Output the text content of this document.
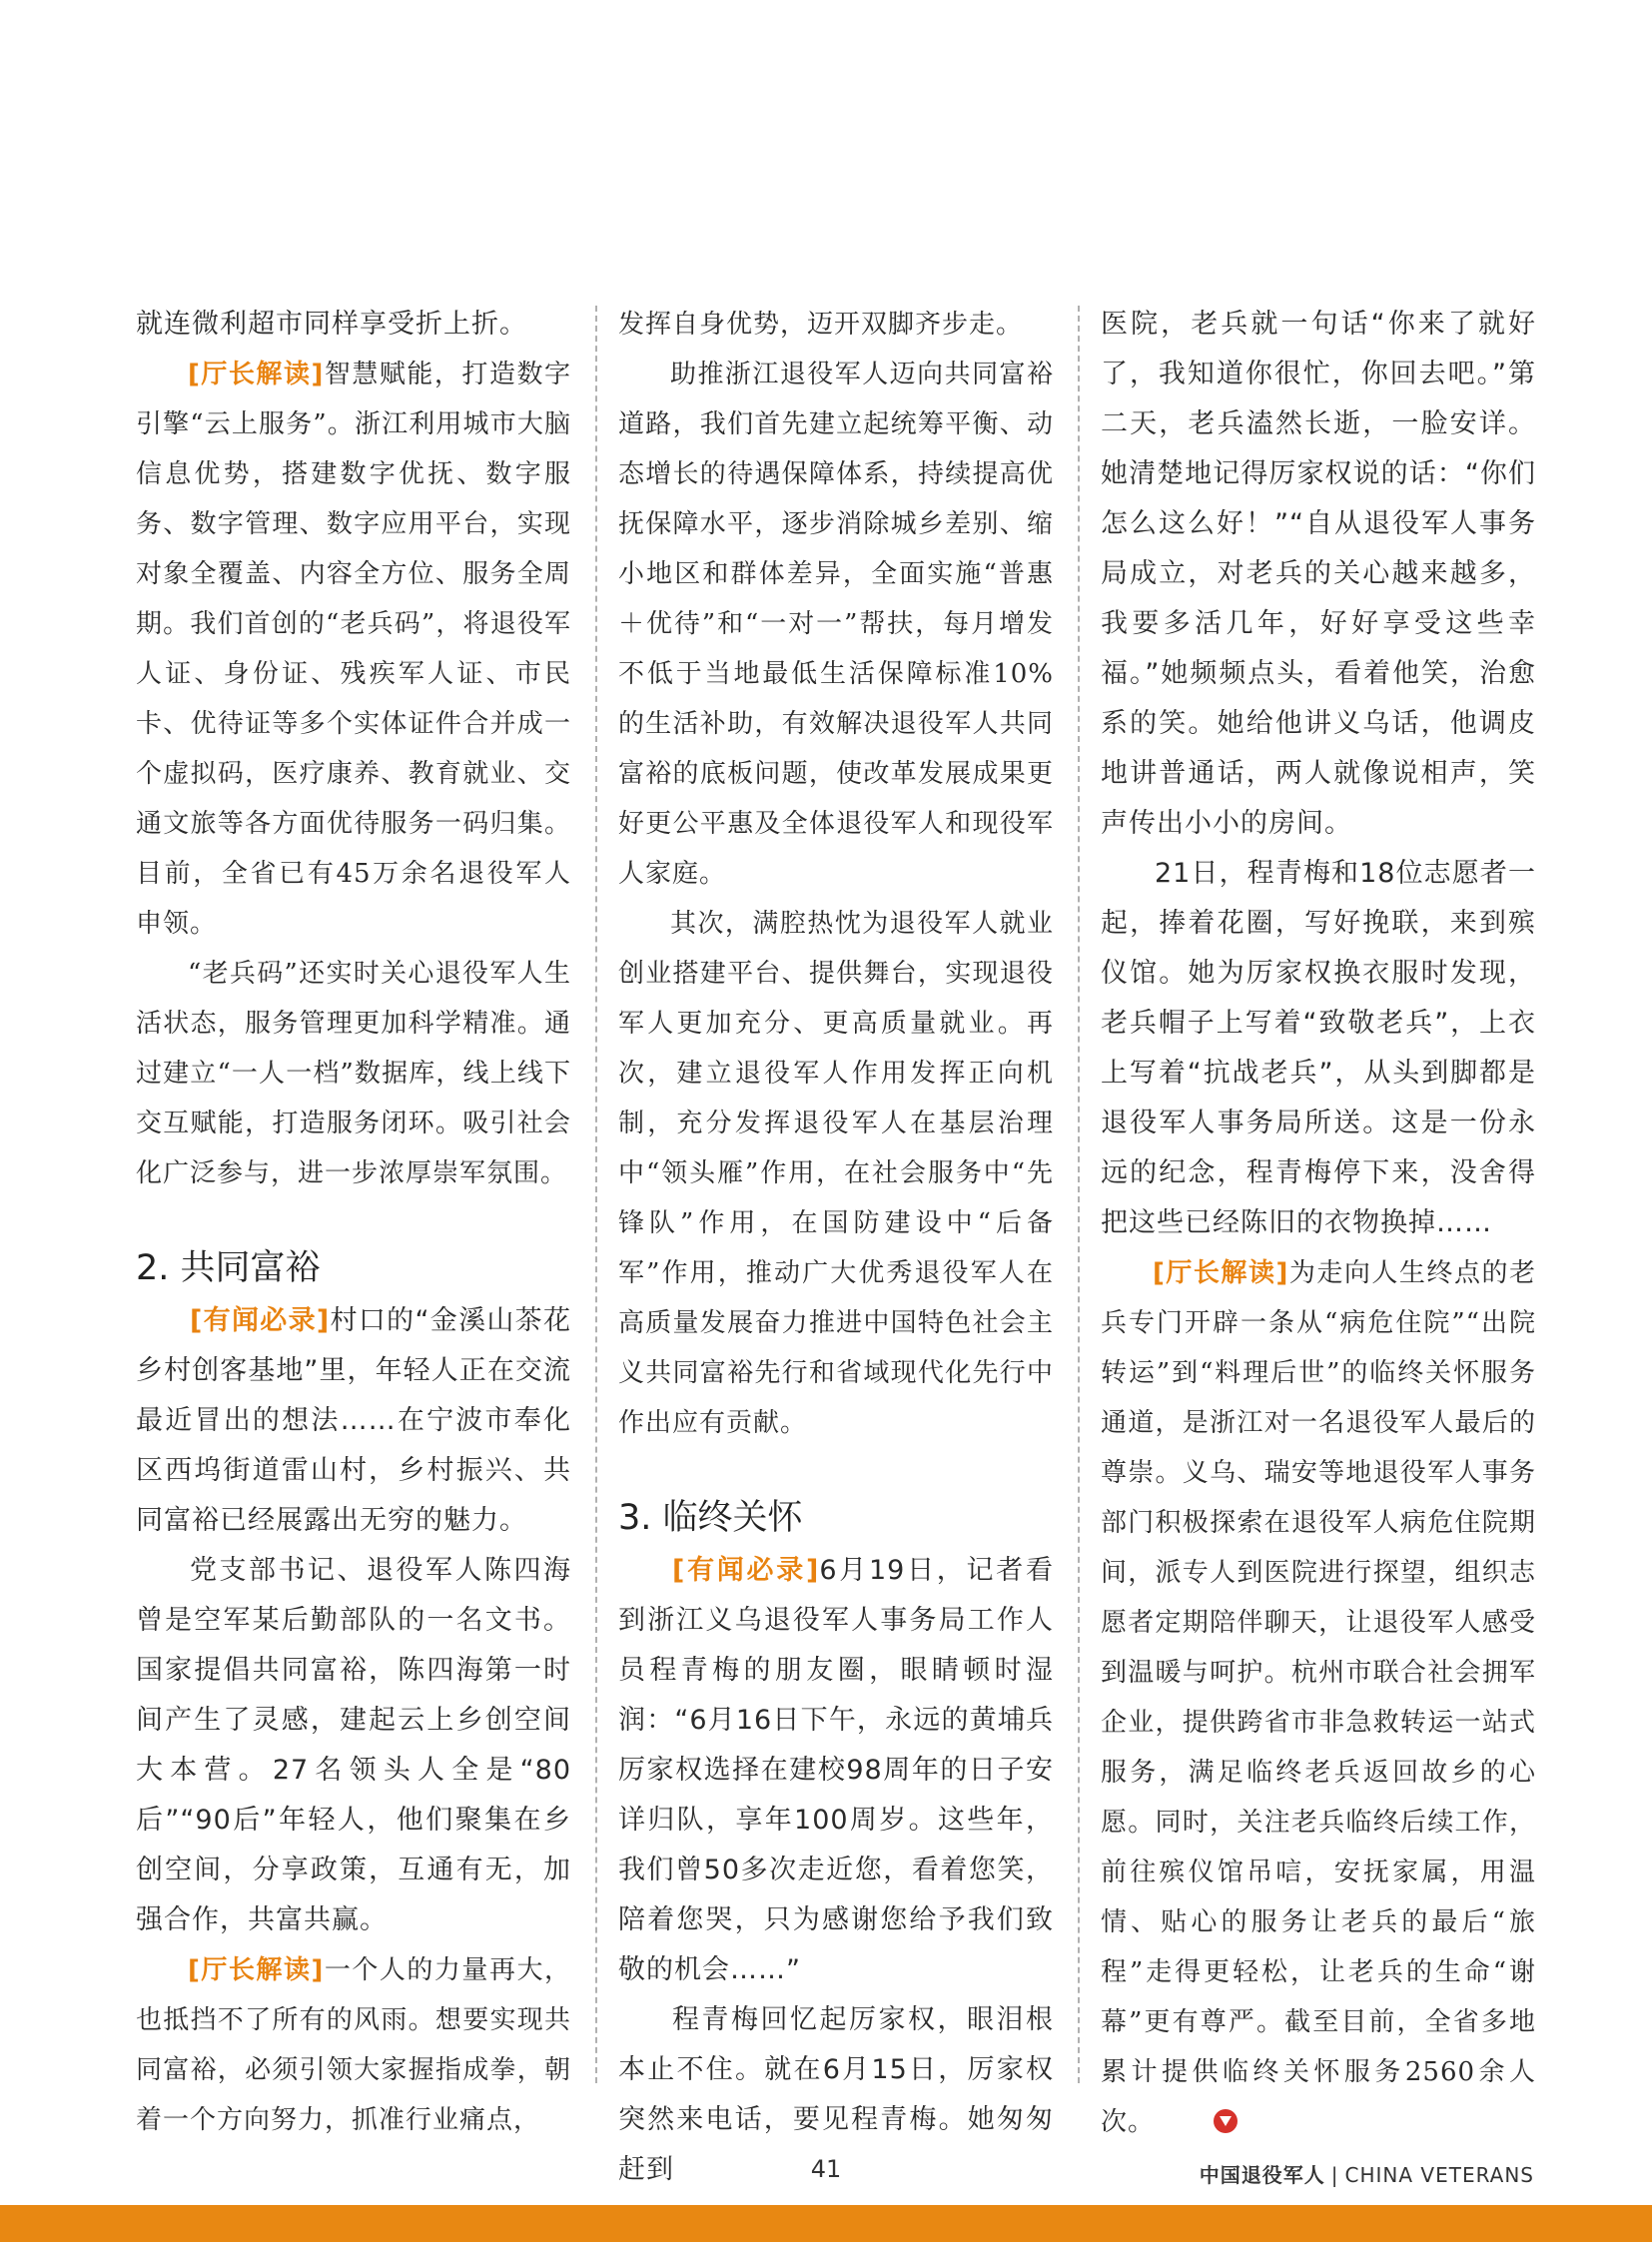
就连微利超市同样享受折上折。

[厅长解读]智慧赋能，打造数字引擎“云上服务”。浙江利用城市大脑信息优势，搭建数字优抚、数字服务、数字管理、数字应用平台，实现对象全覆盖、内容全方位、服务全周期。我们首创的“老兵码”，将退役军人证、身份证、残疾军人证、市民卡、优待证等多个实体证件合并成一个虚拟码，医疗康养、教育就业、交通文旅等各方面优待服务一码归集。目前，全省已有45万余名退役军人申领。

“老兵码”还实时关心退役军人生活状态，服务管理更加科学精准。通过建立“一人一档”数据库，线上线下交互赋能，打造服务闭环。吸引社会化广泛参与，进一步浓厚崇军氛围。

2. 共同富裕

[有闻必录]村口的“金溪山茶花乡村创客基地”里，年轻人正在交流最近冒出的想法……在宁波市奉化区西坞街道雷山村，乡村振兴、共同富裕已经展露出无穷的魅力。

党支部书记、退役军人陈四海曾是空军某后勤部队的一名文书。国家提倡共同富裕，陈四海第一时间产生了灵感，建起云上乡创空间大本营。27名领头人全是“80后”“90后”年轻人，他们聚集在乡创空间，分享政策，互通有无，加强合作，共富共赢。

[厅长解读]一个人的力量再大，也抵挡不了所有的风雨。想要实现共同富裕，必须引领大家握指成拳，朝着一个方向努力，抓准行业痛点，

发挥自身优势，迈开双脚齐步走。

助推浙江退役军人迈向共同富裕道路，我们首先建立起统筹平衡、动态增长的待遇保障体系，持续提高优抚保障水平，逐步消除城乡差别、缩小地区和群体差异，全面实施“普惠＋优待”和“一对一”帮扶，每月增发不低于当地最低生活保障标准10%的生活补助，有效解决退役军人共同富裕的底板问题，使改革发展成果更好更公平惠及全体退役军人和现役军人家庭。

其次，满腔热忱为退役军人就业创业搭建平台、提供舞台，实现退役军人更加充分、更高质量就业。再次，建立退役军人作用发挥正向机制，充分发挥退役军人在基层治理中“领头雁”作用，在社会服务中“先锋队”作用，在国防建设中“后备军”作用，推动广大优秀退役军人在高质量发展奋力推进中国特色社会主义共同富裕先行和省域现代化先行中作出应有贡献。

3. 临终关怀

[有闻必录]6月19日，记者看到浙江义乌退役军人事务局工作人员程青梅的朋友圈，眼睛顿时湿润：“6月16日下午，永远的黄埔兵厉家权选择在建校98周年的日子安详归队，享年100周岁。这些年，我们曾50多次走近您，看着您笑，陪着您哭，只为感谢您给予我们致敬的机会……”

程青梅回忆起厉家权，眼泪根本止不住。就在6月15日，厉家权突然来电话，要见程青梅。她匆匆赶到

医院，老兵就一句话“你来了就好了，我知道你很忙，你回去吧。”第二天，老兵溘然长逝，一脸安详。她清楚地记得厉家权说的话：“你们怎么这么好！”“自从退役军人事务局成立，对老兵的关心越来越多，我要多活几年，好好享受这些幸福。”她频频点头，看着他笑，治愈系的笑。她给他讲义乌话，他调皮地讲普通话，两人就像说相声，笑声传出小小的房间。

21日，程青梅和18位志愿者一起，捧着花圈，写好挽联，来到殡仪馆。她为厉家权换衣服时发现，老兵帽子上写着“致敬老兵”，上衣上写着“抗战老兵”，从头到脚都是退役军人事务局所送。这是一份永远的纪念，程青梅停下来，没舍得把这些已经陈旧的衣物换掉……

[厅长解读]为走向人生终点的老兵专门开辟一条从“病危住院”“出院转运”到“料理后世”的临终关怀服务通道，是浙江对一名退役军人最后的尊崇。义乌、瑞安等地退役军人事务部门积极探索在退役军人病危住院期间，派专人到医院进行探望，组织志愿者定期陪伴聊天，让退役军人感受到温暖与呵护。杭州市联合社会拥军企业，提供跨省市非急救转运一站式服务，满足临终老兵返回故乡的心愿。同时，关注老兵临终后续工作，前往殡仪馆吊唁，安抚家属，用温情、贴心的服务让老兵的最后“旅程”走得更轻松，让老兵的生命“谢幕”更有尊严。截至目前，全省多地累计提供临终关怀服务2560余人次。

41	中国退役军人 | CHINA VETERANS
